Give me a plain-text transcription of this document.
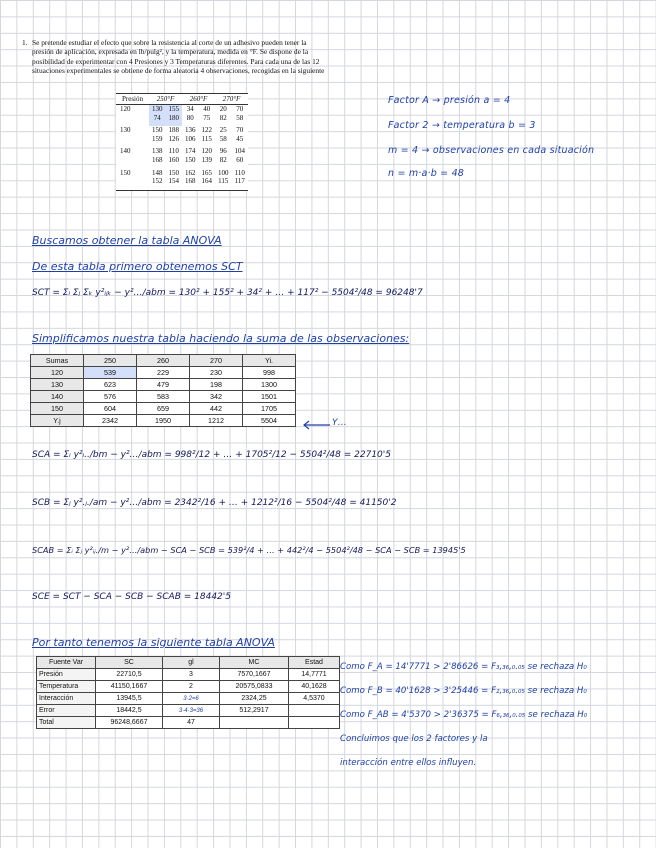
1. Se pretende estudiar el efecto que sobre la resistencia al corte de un adhesivo pueden tener la
presión de aplicación, expresada en lb/pulg², y la temperatura, medida en °F. Se dispone de la
posibilidad de experimentar con 4 Presiones y 3 Temperaturas diferentes. Para cada una de las 12
situaciones experimentales se obtiene de forma aleatoria 4 observaciones, recogidas en la siguiente
Presión	250°F		260°F		270°F	
120	130	155	34	40	20	70
	74	180	80	75	82	58
130	150	188	136	122	25	70
	159	126	106	115	58	45
140	138	110	174	120	96	104
	168	160	150	139	82	60
150	148	150	162	165	100	110
	152	154	168	164	115	117
Factor A → presión a = 4
Factor 2 → temperatura b = 3
m = 4 → observaciones en cada situación
n = m·a·b = 48
Buscamos obtener la tabla ANOVA
De esta tabla primero obtenemos SCT
SCT = Σᵢ Σⱼ Σₖ y²ᵢⱼₖ − y²…/abm = 130² + 155² + 34² + … + 117² − 5504²/48 = 96248'7
Simplificamos nuestra tabla haciendo la suma de las observaciones:
Sumas	250	260	270	Yi.
120	539	229	230	998
130	623	479	198	1300
140	576	583	342	1501
150	604	659	442	1705
Y.j	2342	1950	1212	5504	Y…
SCA = Σᵢ y²ᵢ../bm − y²…/abm = 998²/12 + … + 1705²/12 − 5504²/48 = 22710'5
SCB = Σⱼ y².ⱼ./am − y²…/abm = 2342²/16 + … + 1212²/16 − 5504²/48 = 41150'2
SCAB = Σᵢ Σⱼ y²ᵢⱼ./m − y²…/abm − SCA − SCB = 539²/4 + … + 442²/4 − 5504²/48 − SCA − SCB = 13945'5
SCE = SCT − SCA − SCB − SCAB = 18442'5
Por tanto tenemos la siguiente tabla ANOVA
Fuente Var	SC	gl	MC	Estad
Presión	22710,5	3	7570,1667	14,7771
Temperatura	41150,1667	2	20575,0833	40,1628
Interacción	13945,5	3·2=6	2324,25	4,5370
Error	18442,5	3·4·3=36	512,2917	
Total	96248,6667	47		
Como F_A = 14'7771 > 2'86626 = F₃,₃₆,₀.₀₅ se rechaza H₀
Como F_B = 40'1628 > 3'25446 = F₂,₃₆,₀.₀₅ se rechaza H₀
Como F_AB = 4'5370 > 2'36375 = F₆,₃₆,₀.₀₅ se rechaza H₀
Concluimos que los 2 factores y la
interacción entre ellos influyen.
